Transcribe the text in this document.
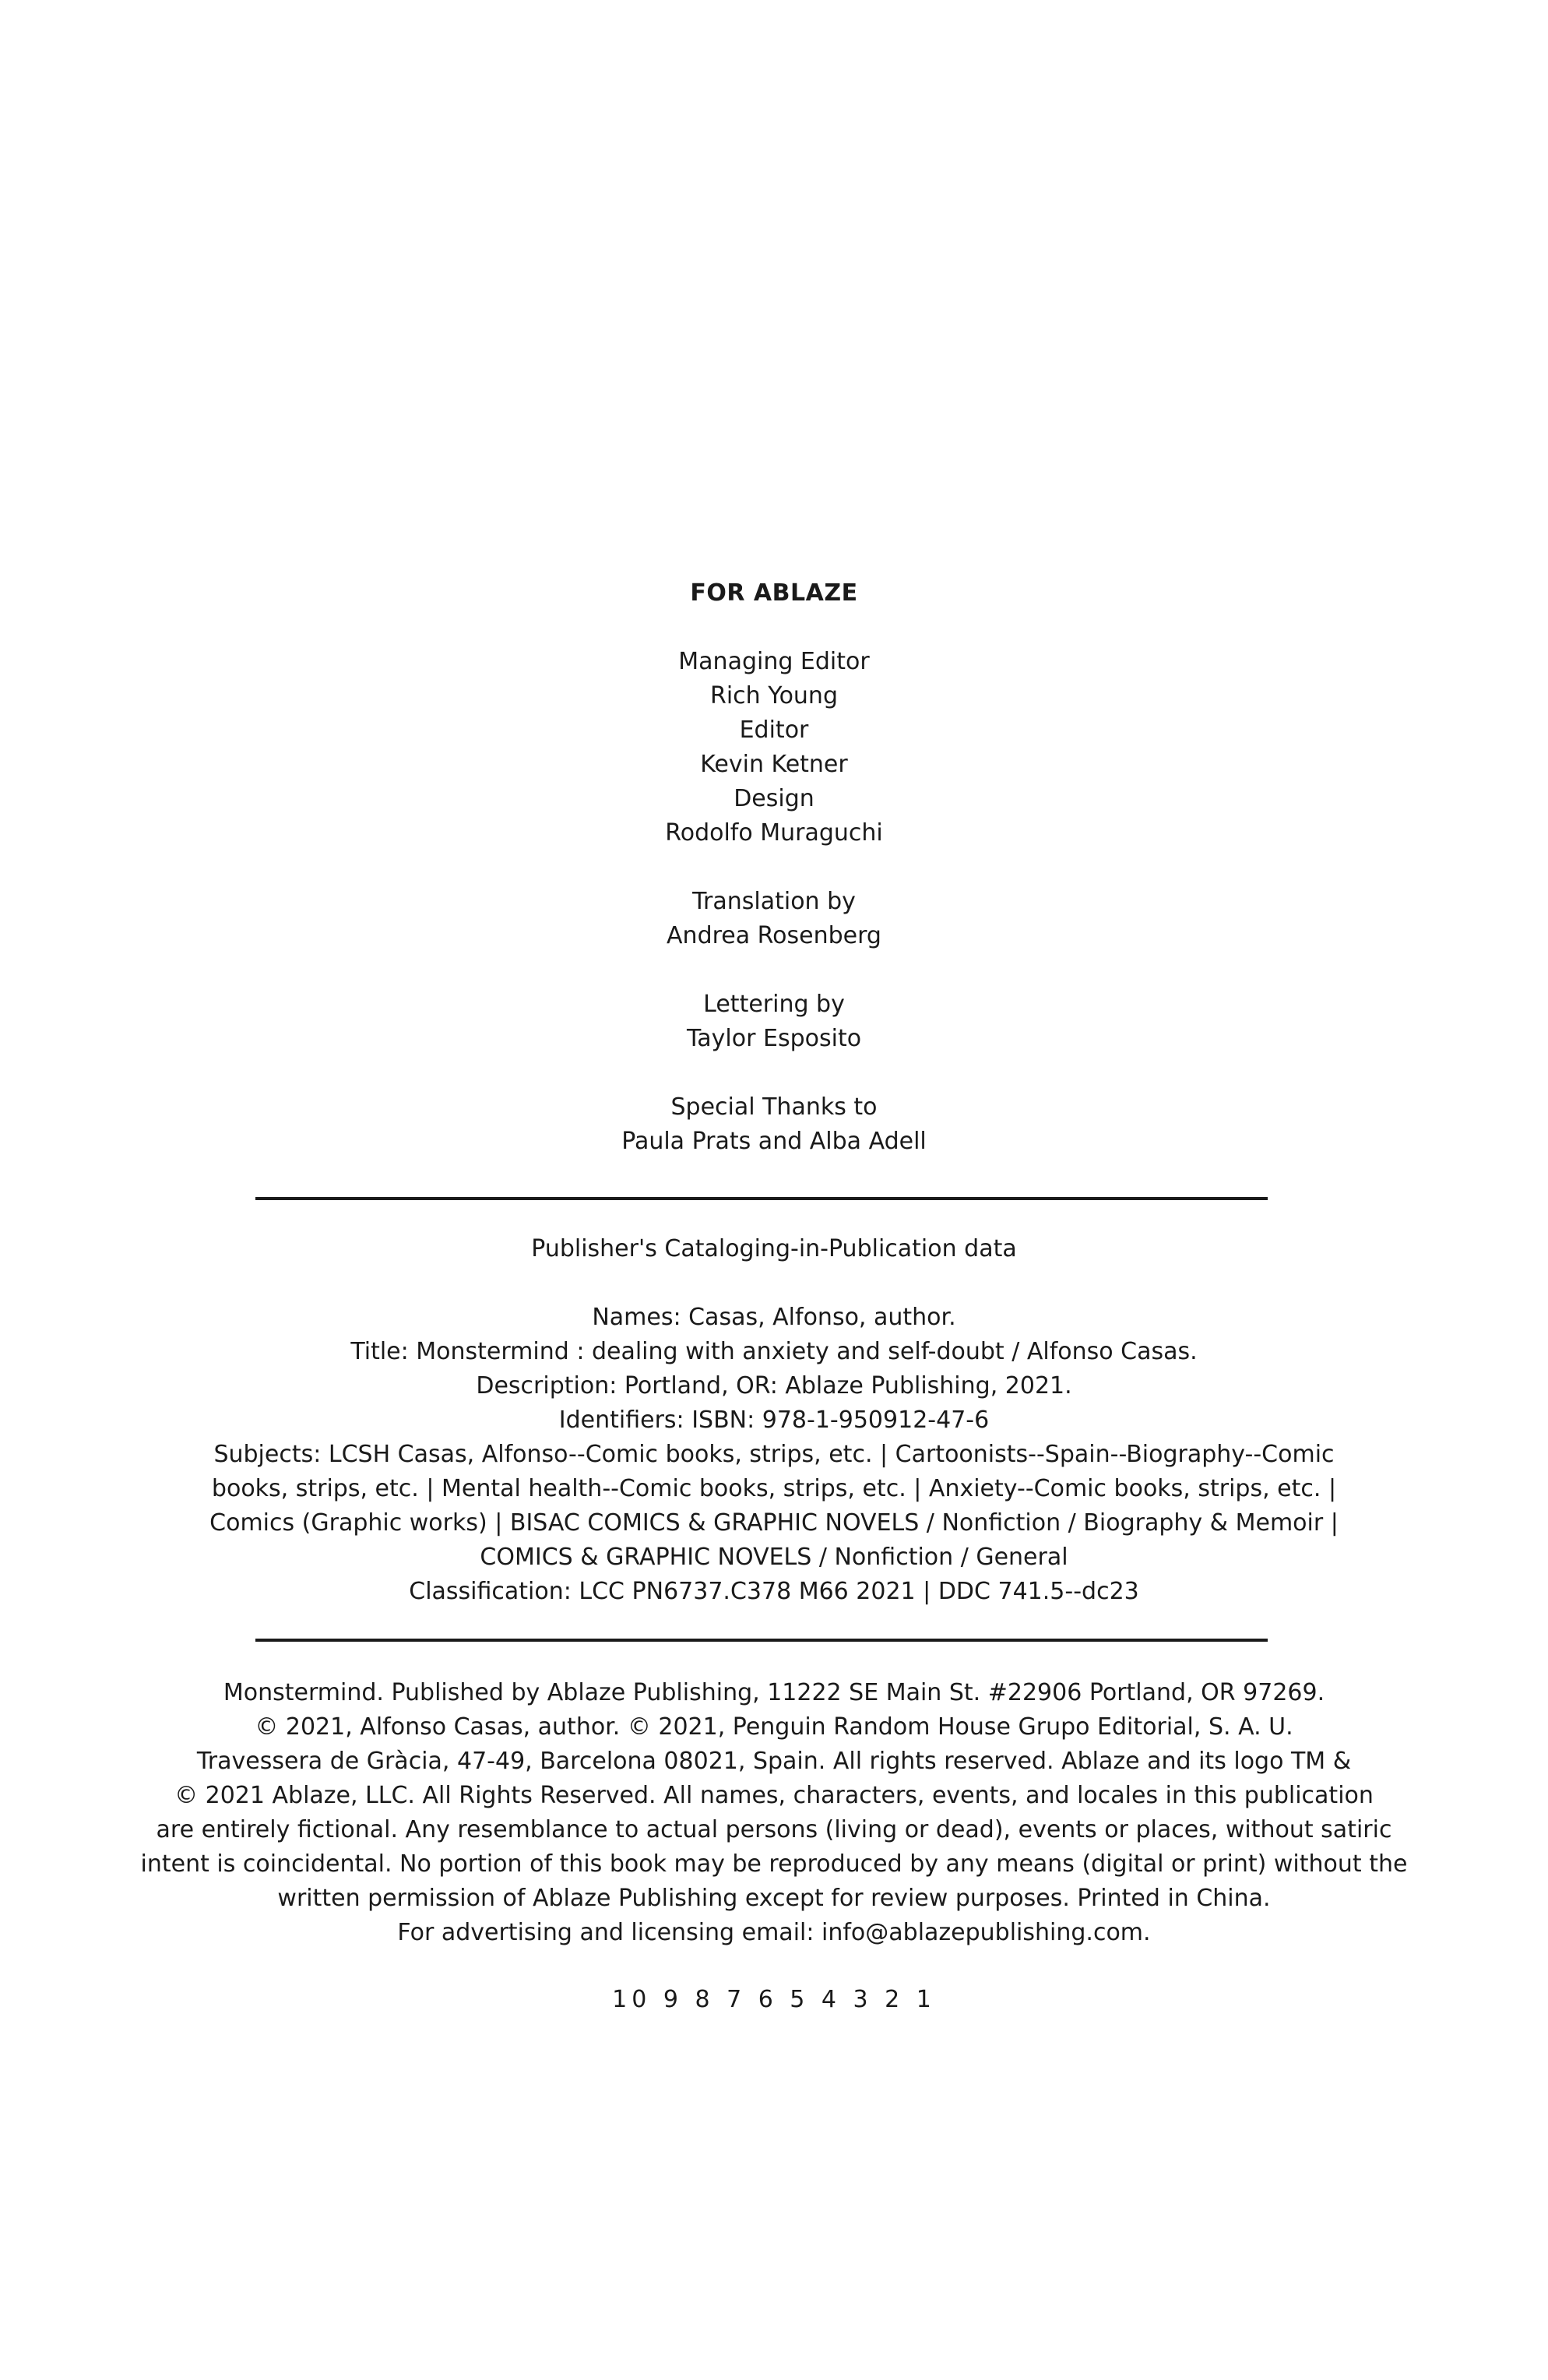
FOR ABLAZE
Managing Editor
Rich Young
Editor
Kevin Ketner
Design
Rodolfo Muraguchi
Translation by
Andrea Rosenberg
Lettering by
Taylor Esposito
Special Thanks to
Paula Prats and Alba Adell
Publisher's Cataloging-in-Publication data
Names: Casas, Alfonso, author.
Title: Monstermind : dealing with anxiety and self-doubt / Alfonso Casas.
Description: Portland, OR: Ablaze Publishing, 2021.
Identifiers: ISBN: 978-1-950912-47-6
Subjects: LCSH Casas, Alfonso--Comic books, strips, etc. | Cartoonists--Spain--Biography--Comic
books, strips, etc. | Mental health--Comic books, strips, etc. | Anxiety--Comic books, strips, etc. |
Comics (Graphic works) | BISAC COMICS & GRAPHIC NOVELS / Nonfiction / Biography & Memoir |
COMICS & GRAPHIC NOVELS / Nonfiction / General
Classification: LCC PN6737.C378 M66 2021 | DDC 741.5--dc23
Monstermind. Published by Ablaze Publishing, 11222 SE Main St. #22906 Portland, OR 97269.
© 2021, Alfonso Casas, author. © 2021, Penguin Random House Grupo Editorial, S. A. U.
Travessera de Gràcia, 47-49, Barcelona 08021, Spain. All rights reserved. Ablaze and its logo TM &
© 2021 Ablaze, LLC. All Rights Reserved. All names, characters, events, and locales in this publication
are entirely fictional. Any resemblance to actual persons (living or dead), events or places, without satiric
intent is coincidental. No portion of this book may be reproduced by any means (digital or print) without the
written permission of Ablaze Publishing except for review purposes. Printed in China.
For advertising and licensing email: info@ablazepublishing.com.
10 9 8 7 6 5 4 3 2 1
